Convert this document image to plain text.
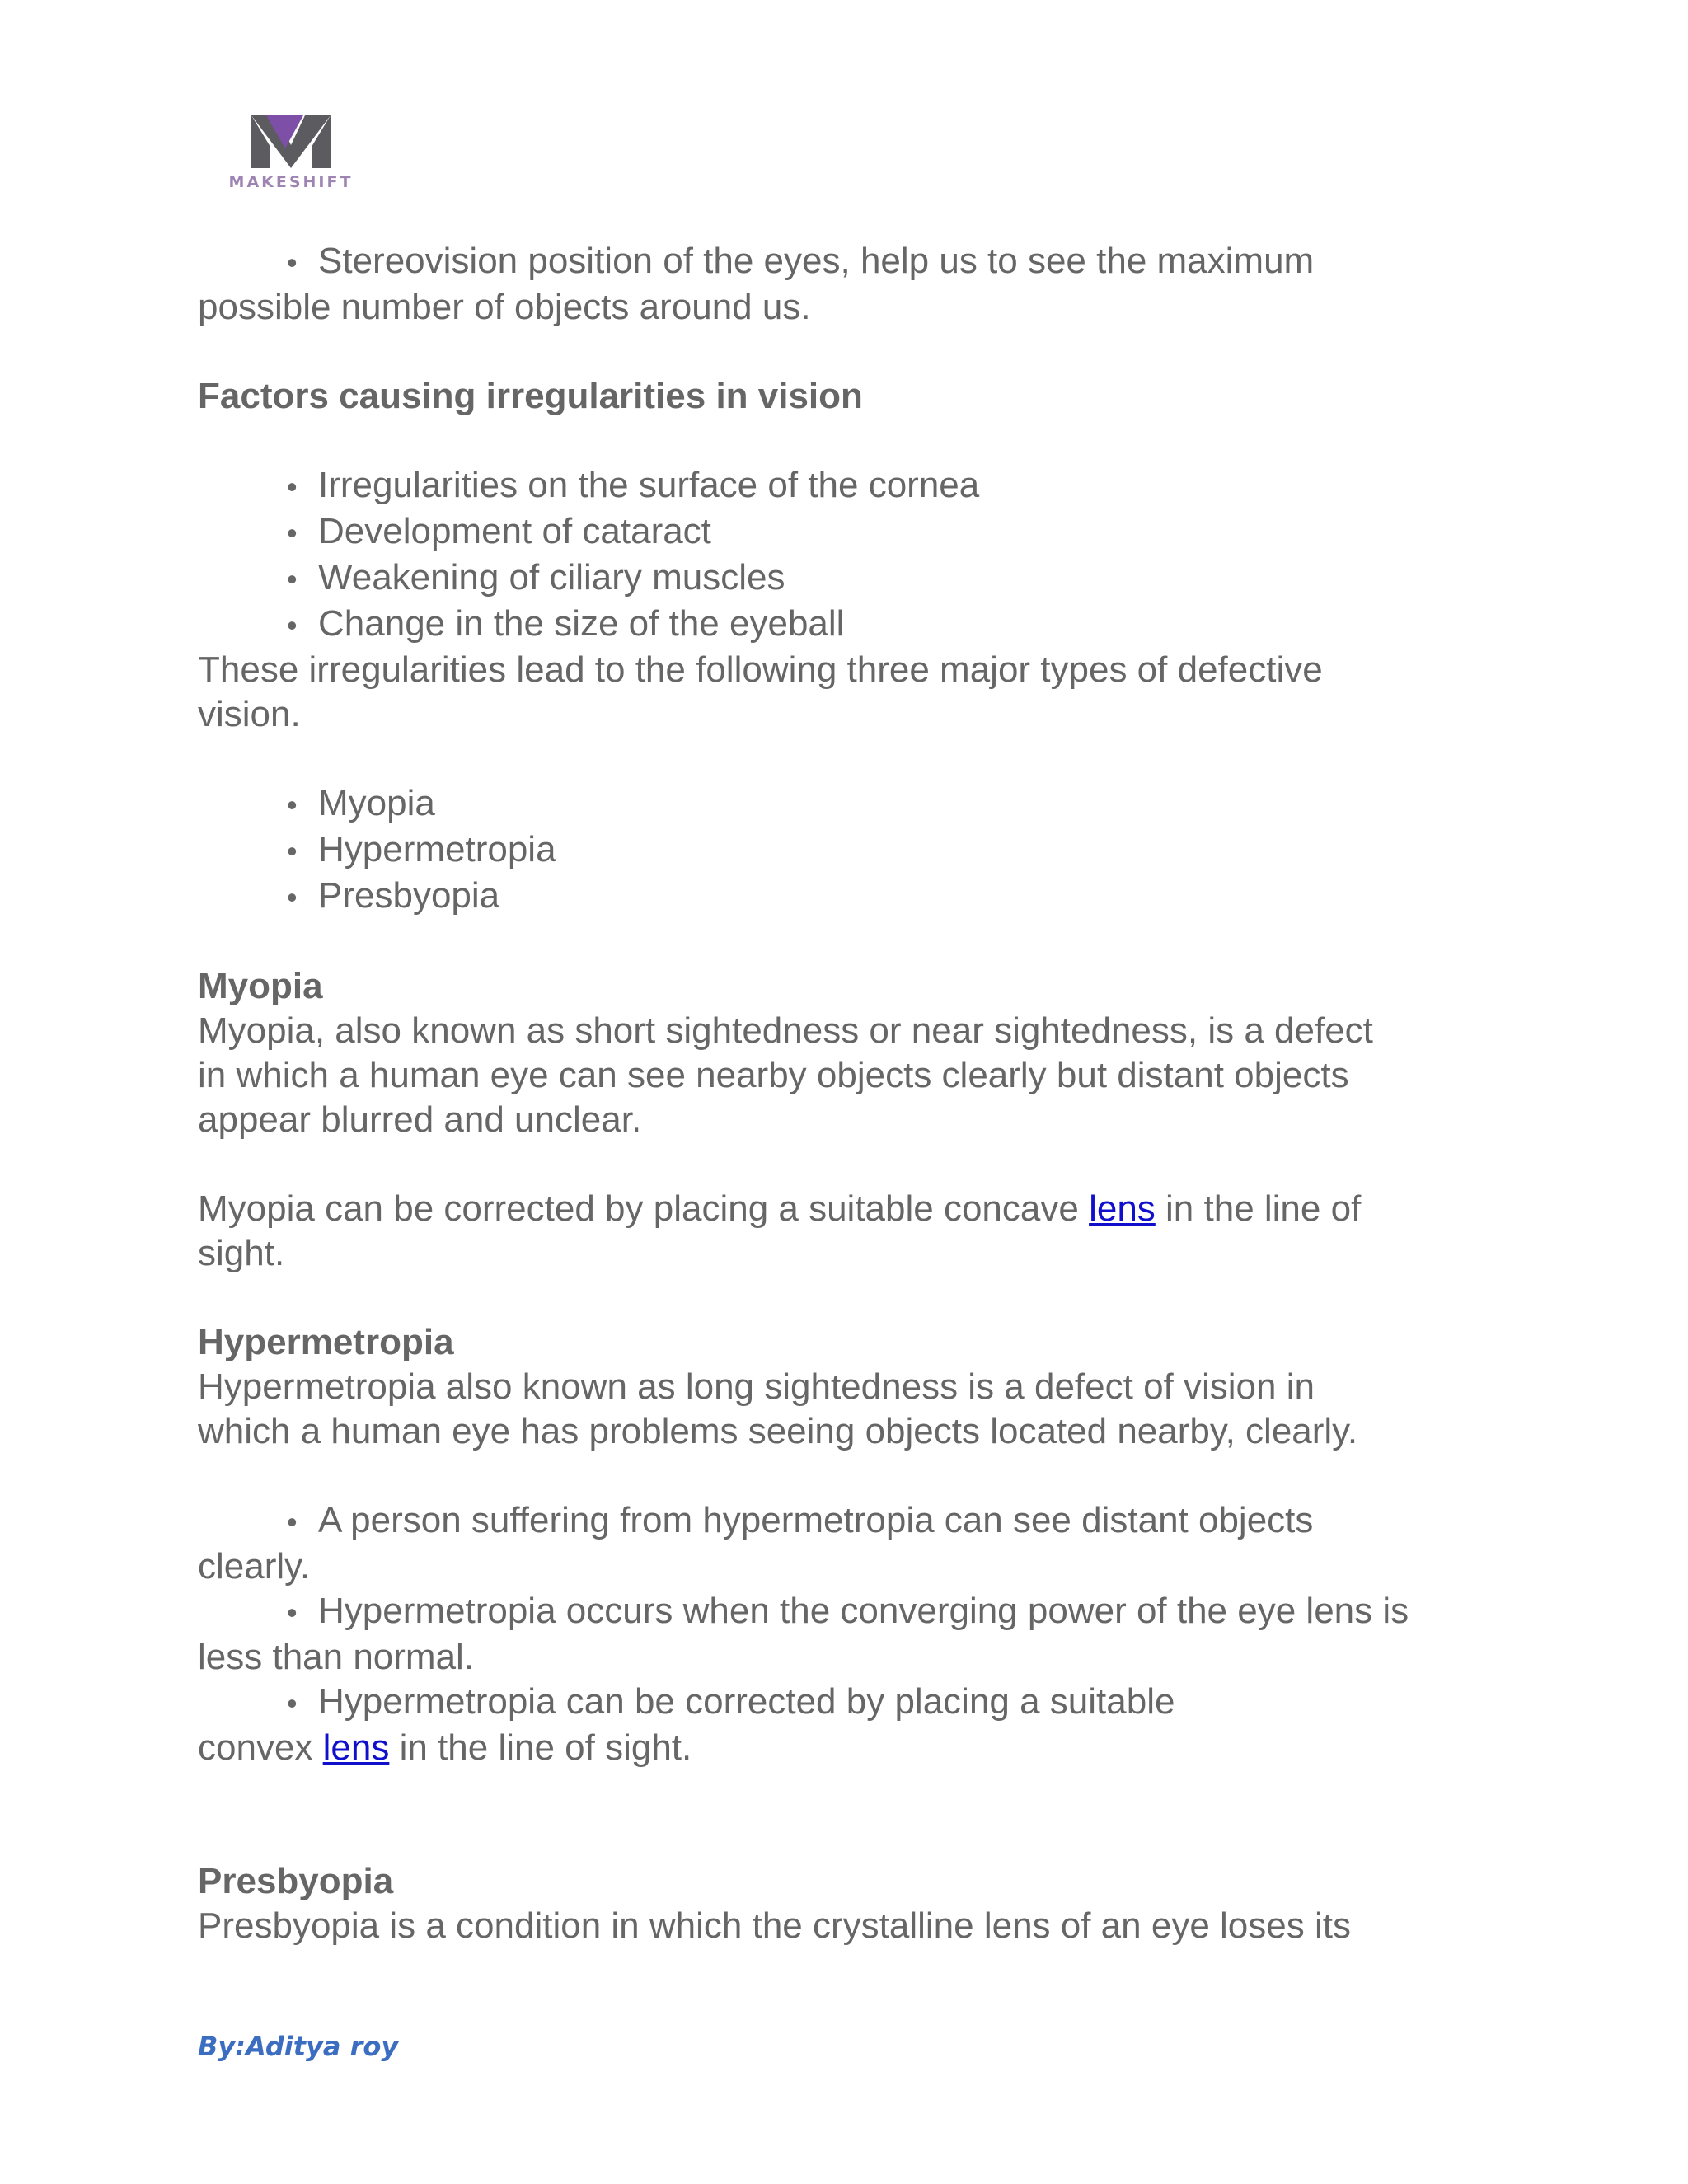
MAKESHIFT

• Stereovision position of the eyes, help us to see the maximum

possible number of objects around us.

Factors causing irregularities in vision

• Irregularities on the surface of the cornea

• Development of cataract

• Weakening of ciliary muscles

• Change in the size of the eyeball

These irregularities lead to the following three major types of defective

vision.

• Myopia

• Hypermetropia

• Presbyopia

Myopia

Myopia, also known as short sightedness or near sightedness, is a defect

in which a human eye can see nearby objects clearly but distant objects

appear blurred and unclear.

Myopia can be corrected by placing a suitable concave lens in the line of

sight.

Hypermetropia

Hypermetropia also known as long sightedness is a defect of vision in

which a human eye has problems seeing objects located nearby, clearly.

• A person suffering from hypermetropia can see distant objects

clearly.

• Hypermetropia occurs when the converging power of the eye lens is

less than normal.

• Hypermetropia can be corrected by placing a suitable

convex lens in the line of sight.

Presbyopia

Presbyopia is a condition in which the crystalline lens of an eye loses its

By:Aditya roy
